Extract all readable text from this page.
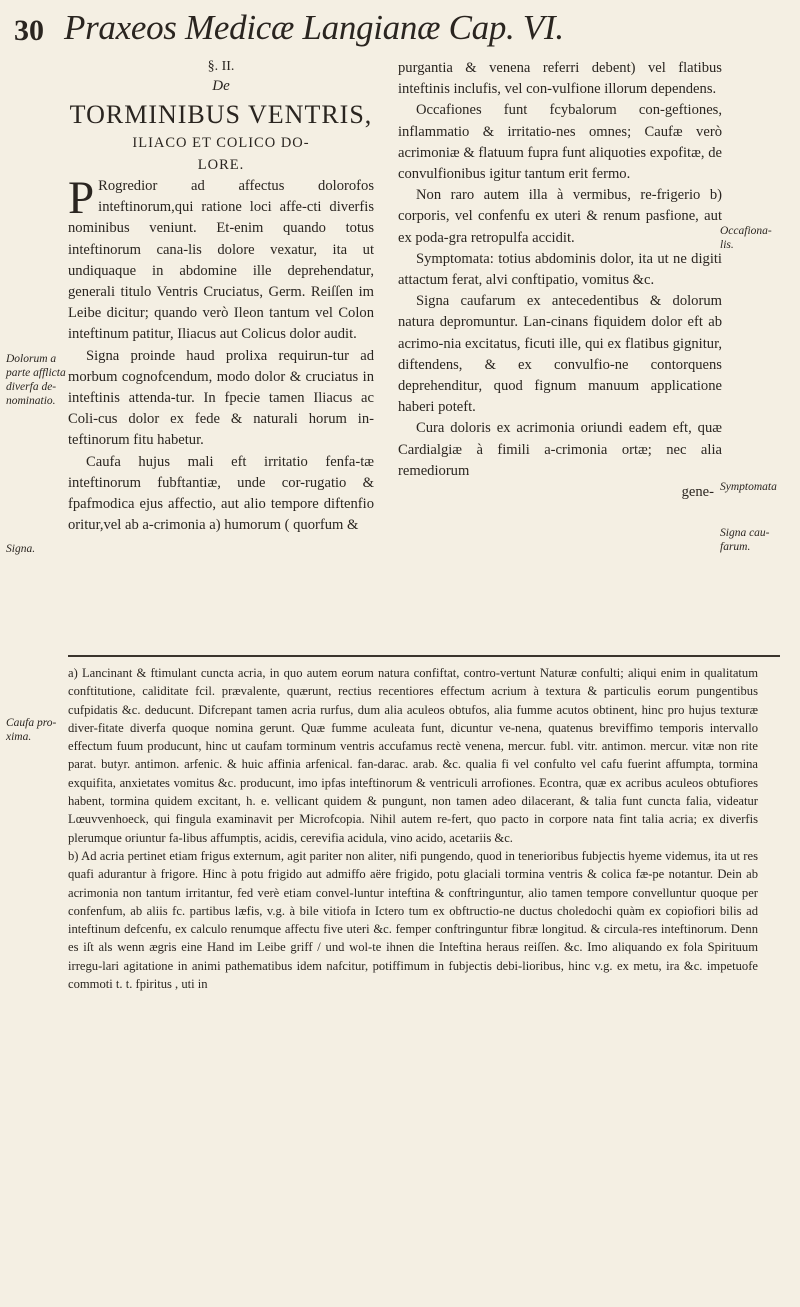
30 Praxeos Medicæ Langianæ Cap. VI.
Dolorum a parte afflicta diverfa de-nominatio.
Signa.
Caufa pro-xima.
Occafiona-lis.
Symptomata
Signa cau-farum.
§. II.
De
TORMINIBUS VENTRIS,
ILIACO ET COLICO DO-
LORE.

P Rogredior ad affectus dolorofos inteftinorum,qui ratione loci affe-cti diverfis nominibus veniunt. Et-enim quando totus inteftinorum cana-lis dolore vexatur, ita ut undiquaque in abdomine ille deprehendatur, generali titulo Ventris Cruciatus, Germ. Reiſſen im Leibe dicitur; quando verò Ileon tantum vel Colon inteftinum patitur, Iliacus aut Colicus dolor audit.

Signa proinde haud prolixa requirun-tur ad morbum cognofcendum, modo dolor & cruciatus in inteftinis attenda-tur. In fpecie tamen Iliacus ac Coli-cus dolor ex fede & naturali horum in-teftinorum fitu habetur.

Caufa hujus mali eft irritatio fenfa-tæ inteftinorum fubftantiæ, unde cor-rugatio & fpafmodica ejus affectio, aut alio tempore diftenfio oritur,vel ab a-crimonia a) humorum ( quorfum &

purgantia & venena referri debent) vel flatibus inteftinis inclufis, vel con-vulfione illorum dependens.

Occafiones funt fcybalorum con-geftiones, inflammatio & irritatio-nes omnes; Caufæ verò acrimoniæ & flatuum fupra funt aliquoties expofitæ, de convulfionibus igitur tantum erit fermo.

Non raro autem illa à vermibus, re-frigerio b) corporis, vel confenfu ex uteri & renum pasfione, aut ex poda-gra retropulfa accidit.

Symptomata: totius abdominis dolor, ita ut ne digiti attactum ferat, alvi conftipatio, vomitus &c.

Signa caufarum ex antecedentibus & dolorum natura depromuntur. Lan-cinans fiquidem dolor eft ab acrimo-nia excitatus, ficuti ille, qui ex flatibus gignitur, diftendens, & ex convulfio-ne contorquens deprehenditur, quod fignum manuum applicatione haberi poteft.

Cura doloris ex acrimonia oriundi eadem eft, quæ Cardialgiæ à fimili a-crimonia ortæ; nec alia remediorum

gene-

a) Lancinant & ftimulant cuncta acria, in quo autem eorum natura confiftat, contro-vertunt Naturæ confulti; aliqui enim in qualitatum conftitutione, caliditate fcil. prævalente, quærunt, rectius recentiores effectum acrium à textura & particulis eorum pungentibus cufpidatis &c. deducunt. Difcrepant tamen acria rurfus, dum alia aculeos obtufos, alia fumme acutos obtinent, hinc pro hujus texturæ diver-fitate diverfa quoque nomina gerunt. Quæ fumme aculeata funt, dicuntur ve-nena, quatenus breviffimo temporis intervallo effectum fuum producunt, hinc ut caufam torminum ventris accufamus rectè venena, mercur. fubl. vitr. antimon. mercur. vitæ non rite parat. butyr. antimon. arfenic. & huic affinia arfenical. fan-darac. arab. &c. qualia fi vel confulto vel cafu fuerint affumpta, tormina exquifita, anxietates vomitus &c. producunt, imo ipfas inteftinorum & ventriculi arrofiones. Econtra, quæ ex acribus aculeos obtufiores habent, tormina quidem excitant, h. e. vellicant quidem & pungunt, non tamen adeo dilacerant, & talia funt cuncta falia, videatur Lœuvvenhoeck, qui fingula examinavit per Microfcopia. Nihil autem re-fert, quo pacto in corpore nata fint talia acria; ex diverfis plerumque oriuntur fa-libus affumptis, acidis, cerevifia acidula, vino acido, acetariis &c.

b) Ad acria pertinet etiam frigus externum, agit pariter non aliter, nifi pungendo, quod in tenerioribus fubjectis hyeme videmus, ita ut res quafi adurantur à frigore. Hinc à potu frigido aut admiffo aëre frigido, potu glaciali tormina ventris & colica fæ-pe notantur. Dein ab acrimonia non tantum irritantur, fed verè etiam convel-luntur inteftina & conftringuntur, alio tamen tempore convelluntur quoque per confenfum, ab aliis fc. partibus læfis, v.g. à bile vitiofa in Ictero tum ex obftructio-ne ductus choledochi quàm ex copiofiori bilis ad inteftinum defcenfu, ex calculo renumque affectu five uteri &c. femper conftringuntur fibræ longitud. & circula-res inteftinorum. Denn es iſt als wenn ægris eine Hand im Leibe griff / und wol-te ihnen die Inteftina heraus reiſſen. &c. Imo aliquando ex fola Spirituum irregu-lari agitatione in animi pathematibus idem nafcitur, potiffimum in fubjectis debi-lioribus, hinc v.g. ex metu, ira &c. impetuofe commoti t. t. fpiritus , uti in
